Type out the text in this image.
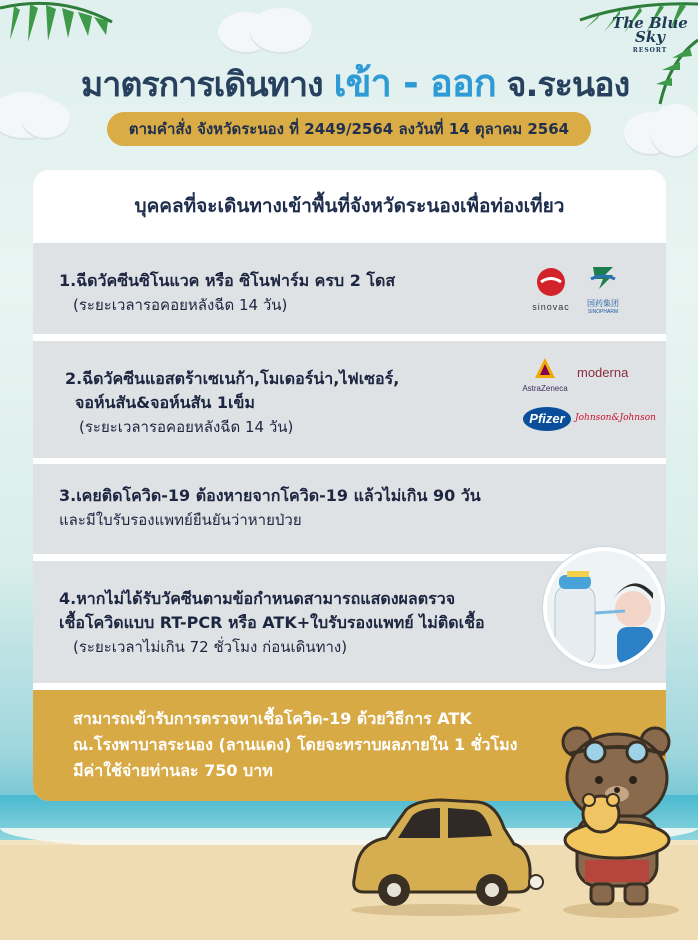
The Blue Sky
RESORT
มาตรการเดินทาง เข้า - ออก จ.ระนอง
ตามคำสั่ง จังหวัดระนอง ที่ 2449/2564 ลงวันที่ 14 ตุลาคม 2564
บุคคลที่จะเดินทางเข้าพื้นที่จังหวัดระนองเพื่อท่องเที่ยว
1.ฉีดวัคซีนซิโนแวค หรือ ซิโนฟาร์ม ครบ 2 โดส
(ระยะเวลารอคอยหลังฉีด 14 วัน)	sinovac	国药集团
SINOPHARM
2.ฉีดวัคซีนแอสตร้าเซเนก้า,โมเดอร์น่า,ไฟเซอร์,
จอห์นสัน&จอห์นสัน 1เข็ม
(ระยะเวลารอคอยหลังฉีด 14 วัน)
AstraZeneca
moderna
Pfizer	Johnson&Johnson
3.เคยติดโควิด-19 ต้องหายจากโควิด-19 แล้วไม่เกิน 90 วัน
และมีใบรับรองแพทย์ยืนยันว่าหายป่วย
4.หากไม่ได้รับวัคซีนตามข้อกำหนดสามารถแสดงผลตรวจ
เชื้อโควิดแบบ RT-PCR หรือ ATK+ใบรับรองแพทย์ ไม่ติดเชื้อ
(ระยะเวลาไม่เกิน 72 ชั่วโมง ก่อนเดินทาง)
สามารถเข้ารับการตรวจหาเชื้อโควิด-19 ด้วยวิธีการ ATK
ณ.โรงพาบาลระนอง (ลานแดง) โดยจะทราบผลภายใน 1 ชั่วโมง
มีค่าใช้จ่ายท่านละ 750 บาท
